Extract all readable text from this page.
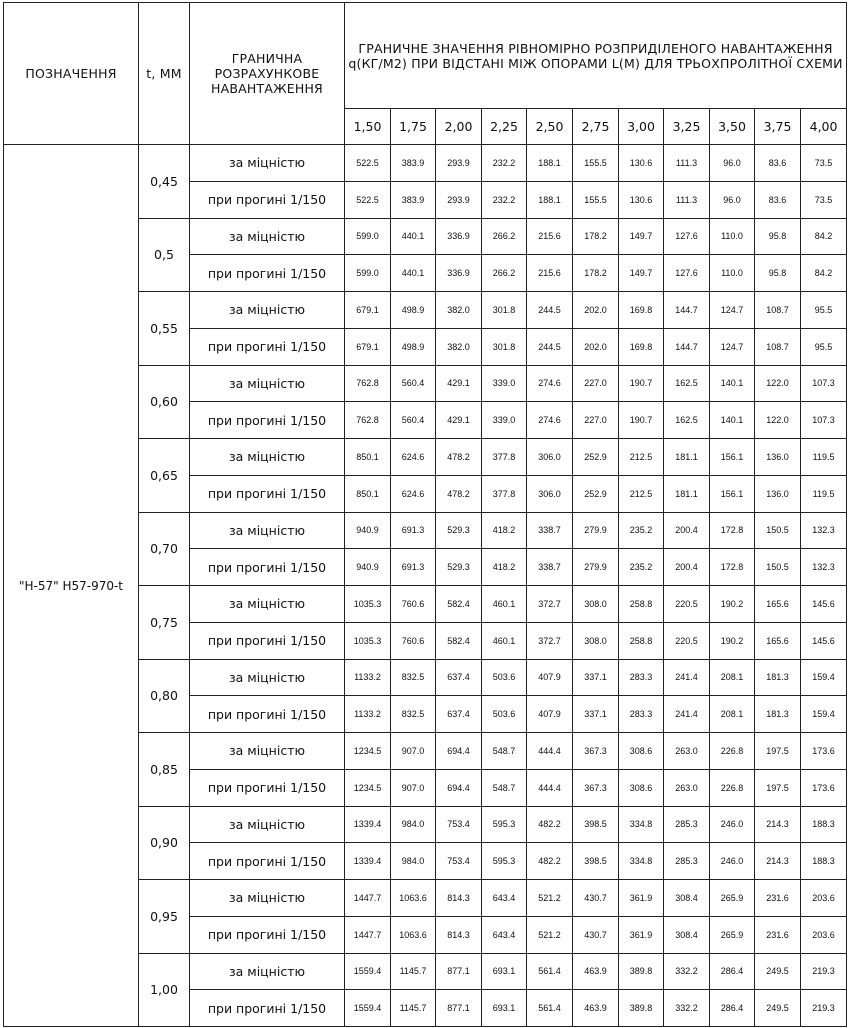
ПОЗНАЧЕННЯ	t, ММ	ГРАНИЧНА РОЗРАХУНКОВЕ НАВАНТАЖЕННЯ	ГРАНИЧНЕ ЗНАЧЕННЯ РІВНОМІРНО РОЗПРИДІЛЕНОГО НАВАНТАЖЕННЯ q(КГ/М2) ПРИ ВІДСТАНІ МІЖ ОПОРАМИ L(М) ДЛЯ ТРЬОХПРОЛІТНОЇ СХЕМИ										
			1,50	1,75	2,00	2,25	2,50	2,75	3,00	3,25	3,50	3,75	4,00
"Н-57" Н57-970-t	0,45	за міцністю	522.5	383.9	293.9	232.2	188.1	155.5	130.6	111.3	96.0	83.6	73.5
		при прогині 1/150	522.5	383.9	293.9	232.2	188.1	155.5	130.6	111.3	96.0	83.6	73.5
	0,5	за міцністю	599.0	440.1	336.9	266.2	215.6	178.2	149.7	127.6	110.0	95.8	84.2
		при прогині 1/150	599.0	440.1	336.9	266.2	215.6	178.2	149.7	127.6	110.0	95.8	84.2
	0,55	за міцністю	679.1	498.9	382.0	301.8	244.5	202.0	169.8	144.7	124.7	108.7	95.5
		при прогині 1/150	679.1	498.9	382.0	301.8	244.5	202.0	169.8	144.7	124.7	108.7	95.5
	0,60	за міцністю	762.8	560.4	429.1	339.0	274.6	227.0	190.7	162.5	140.1	122.0	107.3
		при прогині 1/150	762.8	560.4	429.1	339.0	274.6	227.0	190.7	162.5	140.1	122.0	107.3
	0,65	за міцністю	850.1	624.6	478.2	377.8	306.0	252.9	212.5	181.1	156.1	136.0	119.5
		при прогині 1/150	850.1	624.6	478.2	377.8	306.0	252.9	212.5	181.1	156.1	136.0	119.5
	0,70	за міцністю	940.9	691.3	529.3	418.2	338.7	279.9	235.2	200.4	172.8	150.5	132.3
		при прогині 1/150	940.9	691.3	529.3	418.2	338.7	279.9	235.2	200.4	172.8	150.5	132.3
	0,75	за міцністю	1035.3	760.6	582.4	460.1	372.7	308.0	258.8	220.5	190.2	165.6	145.6
		при прогині 1/150	1035.3	760.6	582.4	460.1	372.7	308.0	258.8	220.5	190.2	165.6	145.6
	0,80	за міцністю	1133.2	832.5	637.4	503.6	407.9	337.1	283.3	241.4	208.1	181.3	159.4
		при прогині 1/150	1133.2	832.5	637.4	503.6	407.9	337.1	283.3	241.4	208.1	181.3	159.4
	0,85	за міцністю	1234.5	907.0	694.4	548.7	444.4	367.3	308.6	263.0	226.8	197.5	173.6
		при прогині 1/150	1234.5	907.0	694.4	548.7	444.4	367.3	308.6	263.0	226.8	197.5	173.6
	0,90	за міцністю	1339.4	984.0	753.4	595.3	482.2	398.5	334.8	285.3	246.0	214.3	188.3
		при прогині 1/150	1339.4	984.0	753.4	595.3	482.2	398.5	334.8	285.3	246.0	214.3	188.3
	0,95	за міцністю	1447.7	1063.6	814.3	643.4	521.2	430.7	361.9	308.4	265.9	231.6	203.6
		при прогині 1/150	1447.7	1063.6	814.3	643.4	521.2	430.7	361.9	308.4	265.9	231.6	203.6
	1,00	за міцністю	1559.4	1145.7	877.1	693.1	561.4	463.9	389.8	332.2	286.4	249.5	219.3
		при прогині 1/150	1559.4	1145.7	877.1	693.1	561.4	463.9	389.8	332.2	286.4	249.5	219.3
